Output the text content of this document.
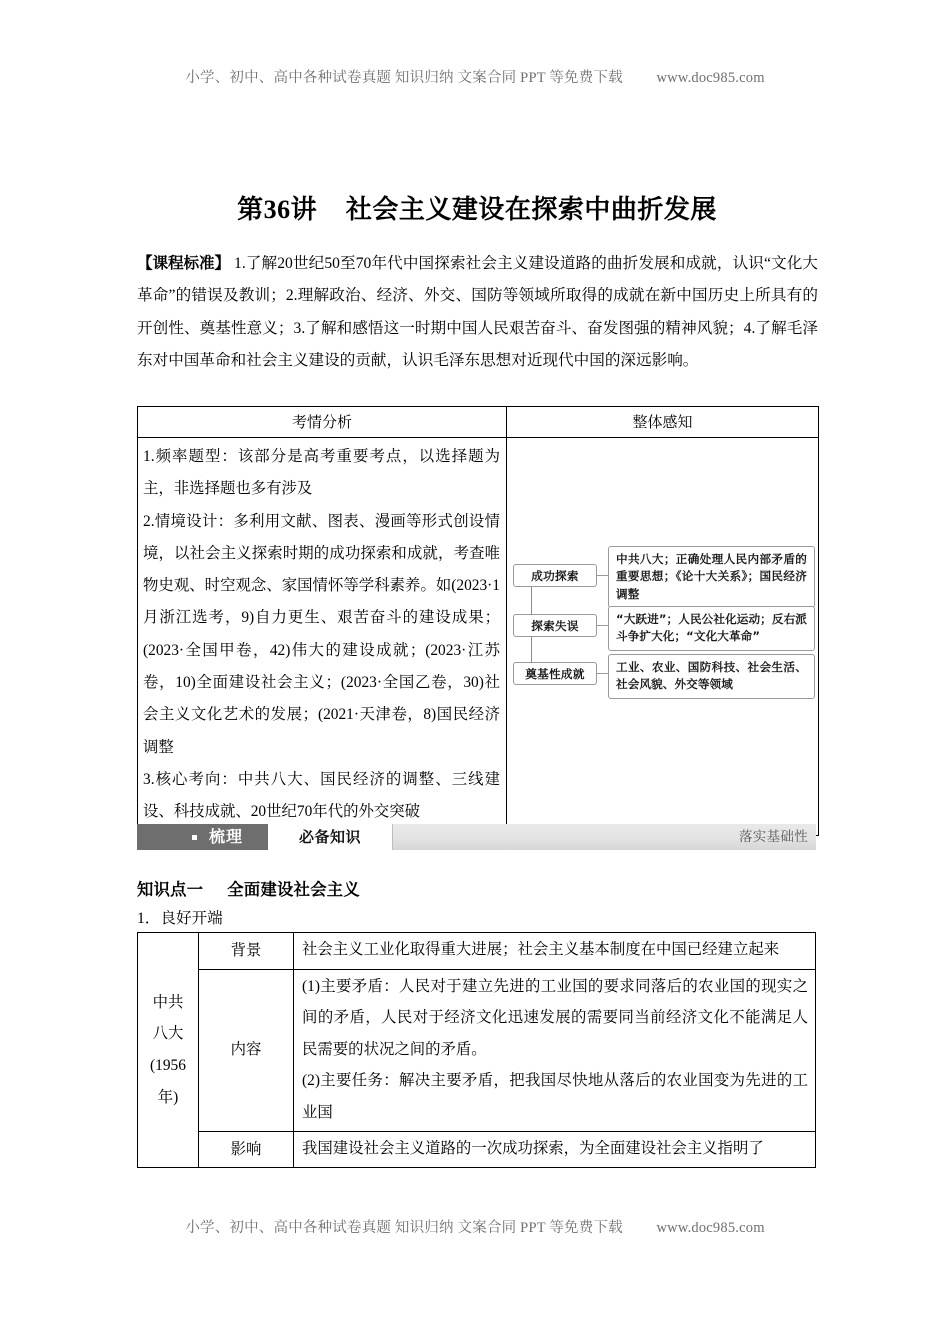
小学、初中、高中各种试卷真题 知识归纳 文案合同 PPT 等免费下载 www.doc985.com
第36讲 社会主义建设在探索中曲折发展
【课程标准】 1.了解20世纪50至70年代中国探索社会主义建设道路的曲折发展和成就，认识“文化大革命”的错误及教训；2.理解政治、经济、外交、国防等领域所取得的成就在新中国历史上所具有的开创性、奠基性意义；3.了解和感悟这一时期中国人民艰苦奋斗、奋发图强的精神风貌；4.了解毛泽东对中国革命和社会主义建设的贡献，认识毛泽东思想对近现代中国的深远影响。
考情分析	整体感知

1.频率题型：该部分是高考重要考点，以选择题为主，非选择题也多有涉及
2.情境设计：多利用文献、图表、漫画等形式创设情境，以社会主义探索时期的成功探索和成就，考查唯物史观、时空观念、家国情怀等学科素养。如(2023·1月浙江选考，9)自力更生、艰苦奋斗的建设成果；(2023·全国甲卷，42)伟大的建设成就；(2023·江苏卷，10)全面建设社会主义；(2023·全国乙卷，30)社会主义文化艺术的发展；(2021·天津卷，8)国民经济调整
3.核心考向：中共八大、国民经济的调整、三线建设、科技成就、20世纪70年代的外交突破

成功探索
探索失误
奠基性成就
中共八大；正确处理人民内部矛盾的重要思想；《论十大关系》；国民经济调整
“大跃进”；人民公社化运动；反右派斗争扩大化；“文化大革命”
工业、农业、国防科技、社会生活、社会风貌、外交等领域
梳理	必备知识	落实基础性
知识点一 全面建设社会主义
1．良好开端
中共
八大
(1956
年)	背景	社会主义工业化取得重大进展；社会主义基本制度在中国已经建立起来

	内容	(1)主要矛盾：人民对于建立先进的工业国的要求同落后的农业国的现实之间的矛盾，人民对于经济文化迅速发展的需要同当前经济文化不能满足人民需要的状况之间的矛盾。

(2)主要任务：解决主要矛盾，把我国尽快地从落后的农业国变为先进的工业国

	影响	我国建设社会主义道路的一次成功探索，为全面建设社会主义指明了

小学、初中、高中各种试卷真题 知识归纳 文案合同 PPT 等免费下载 www.doc985.com
